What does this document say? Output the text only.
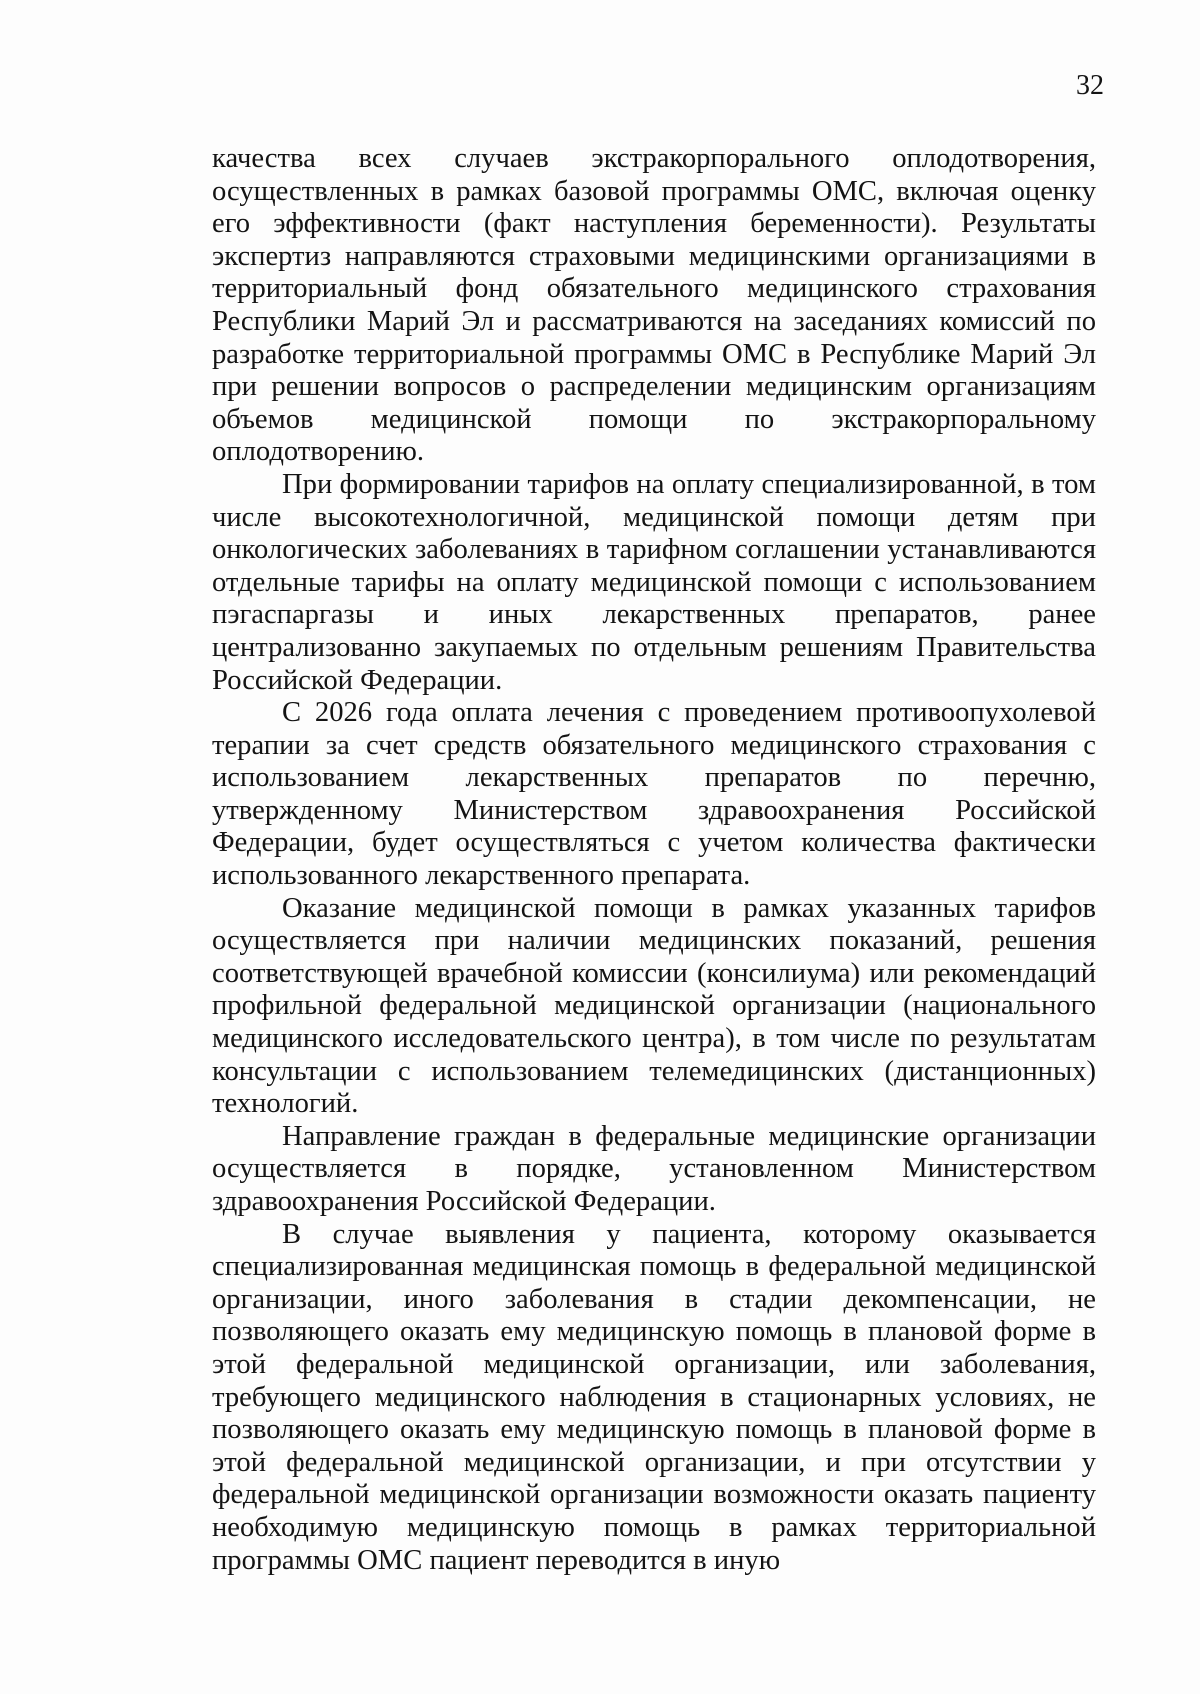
32

качества всех случаев экстракорпорального оплодотворения, осуществленных в рамках базовой программы ОМС, включая оценку его эффективности (факт наступления беременности). Результаты экспертиз направляются страховыми медицинскими организациями в территориальный фонд обязательного медицинского страхования Республики Марий Эл и рассматриваются на заседаниях комиссий по разработке территориальной программы ОМС в Республике Марий Эл при решении вопросов о распределении медицинским организациям объемов медицинской помощи по экстракорпоральному оплодотворению.

При формировании тарифов на оплату специализированной, в том числе высокотехнологичной, медицинской помощи детям при онкологических заболеваниях в тарифном соглашении устанавливаются отдельные тарифы на оплату медицинской помощи с использованием пэгаспаргазы и иных лекарственных препаратов, ранее централизованно закупаемых по отдельным решениям Правительства Российской Федерации.

С 2026 года оплата лечения с проведением противоопухолевой терапии за счет средств обязательного медицинского страхования с использованием лекарственных препаратов по перечню, утвержденному Министерством здравоохранения Российской Федерации, будет осуществляться с учетом количества фактически использованного лекарственного препарата.

Оказание медицинской помощи в рамках указанных тарифов осуществляется при наличии медицинских показаний, решения соответствующей врачебной комиссии (консилиума) или рекомендаций профильной федеральной медицинской организации (национального медицинского исследовательского центра), в том числе по результатам консультации с использованием телемедицинских (дистанционных) технологий.

Направление граждан в федеральные медицинские организации осуществляется в порядке, установленном Министерством здравоохранения Российской Федерации.

В случае выявления у пациента, которому оказывается специализированная медицинская помощь в федеральной медицинской организации, иного заболевания в стадии декомпенсации, не позволяющего оказать ему медицинскую помощь в плановой форме в этой федеральной медицинской организации, или заболевания, требующего медицинского наблюдения в стационарных условиях, не позволяющего оказать ему медицинскую помощь в плановой форме в этой федеральной медицинской организации, и при отсутствии у федеральной медицинской организации возможности оказать пациенту необходимую медицинскую помощь в рамках территориальной программы ОМС пациент переводится в иную
